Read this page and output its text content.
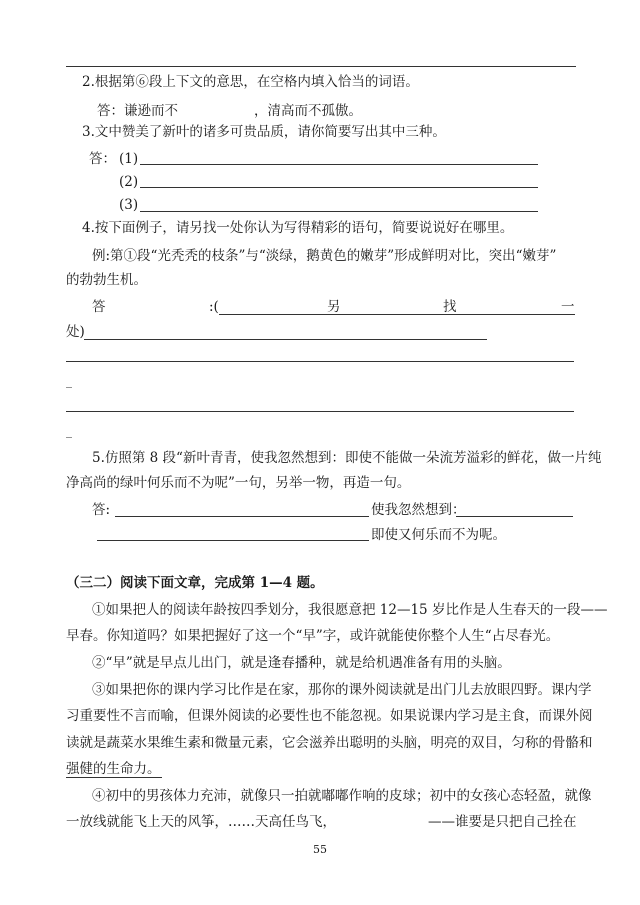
2.根据第⑥段上下文的意思，在空格内填入恰当的词语。
答：谦逊而不	，清高而不孤傲。
3.文中赞美了新叶的诸多可贵品质，请你简要写出其中三种。
答： (1)
(2)
(3)
4.按下面例子，请另找一处你认为写得精彩的语句，简要说说好在哪里。
例:第①段“光秃秃的枝条”与“淡绿，鹅黄色的嫩芽”形成鲜明对比，突出“嫩芽”
的勃勃生机。
答	:(	另	找	一
处)
_
_
5.仿照第 8 段“新叶青青，使我忽然想到：即使不能做一朵流芳溢彩的鲜花，做一片纯
净高尚的绿叶何乐而不为呢”一句，另举一物，再造一句。
答:	使我忽然想到：
即使又何乐而不为呢。
（三二）阅读下面文章，完成第 1—4 题。
①如果把人的阅读年龄按四季划分，我很愿意把 12—15 岁比作是人生春天的一段——
早春。你知道吗？如果把握好了这一个“早”字，或许就能使你整个人生“占尽春光。
②“早”就是早点儿出门，就是逢春播种，就是给机遇准备有用的头脑。
③如果把你的课内学习比作是在家，那你的课外阅读就是出门儿去放眼四野。课内学
习重要性不言而喻，但课外阅读的必要性也不能忽视。如果说课内学习是主食，而课外阅
读就是蔬菜水果维生素和微量元素，它会滋养出聪明的头脑，明亮的双目，匀称的骨骼和
强健的生命力。
④初中的男孩体力充沛，就像只一拍就嘟嘟作响的皮球；初中的女孩心态轻盈，就像
一放线就能飞上天的风筝，……天高任鸟飞，	——谁要是只把自己拴在
55
